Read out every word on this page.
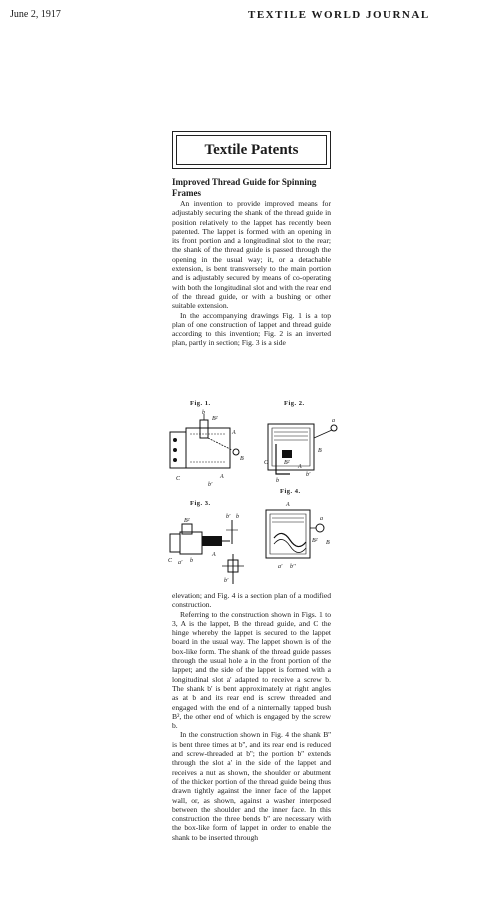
June 2, 1917	TEXTILE WORLD JOURNAL
Textile Patents
Improved Thread Guide for Spinning Frames

An invention to provide improved means for adjustably securing the shank of the thread guide in position relatively to the lappet has recently been patented. The lappet is formed with an opening in its front portion and a longitudinal slot to the rear; the shank of the thread guide is passed through the opening in the usual way; it, or a detachable extension, is bent transversely to the main portion and is adjustably secured by means of co-operating with both the longitudinal slot and with the rear end of the thread guide, or with a bushing or other suitable extension.

In the accompanying drawings Fig. 1 is a top plan of one construction of lappet and thread guide according to this invention; Fig. 2 is an inverted plan, partly in section; Fig. 3 is a side

Fig. 1.	Fig. 2.
Fig. 4.
Fig. 3.
b
B²
A
B
C	A
b'
a
B
C	B²
A
b'
b
B²
b' b
A
C a' b
b'
A
a
B² B
a' b''

elevation; and Fig. 4 is a section plan of a modified construction.

Referring to the construction shown in Figs. 1 to 3, A is the lappet, B the thread guide, and C the hinge whereby the lappet is secured to the lappet board in the usual way. The lappet shown is of the box-like form. The shank of the thread guide passes through the usual hole a in the front portion of the lappet; and the side of the lappet is formed with a longitudinal slot a' adapted to receive a screw b. The shank b' is bent approximately at right angles as at b and its rear end is screw threaded and engaged with the end of a ninternally tapped bush B², the other end of which is engaged by the screw b.

In the construction shown in Fig. 4 the shank B'' is bent three times at b'', and its rear end is reduced and screw-threaded at b''; the portion b'' extends through the slot a' in the side of the lappet and receives a nut as shown, the shoulder or abutment of the thicker portion of the thread guide being thus drawn tightly against the inner face of the lappet wall, or, as shown, against a washer interposed between the shoulder and the inner face. In this construction the three bends b'' are necessary with the box-like form of lappet in order to enable the shank to be inserted through
